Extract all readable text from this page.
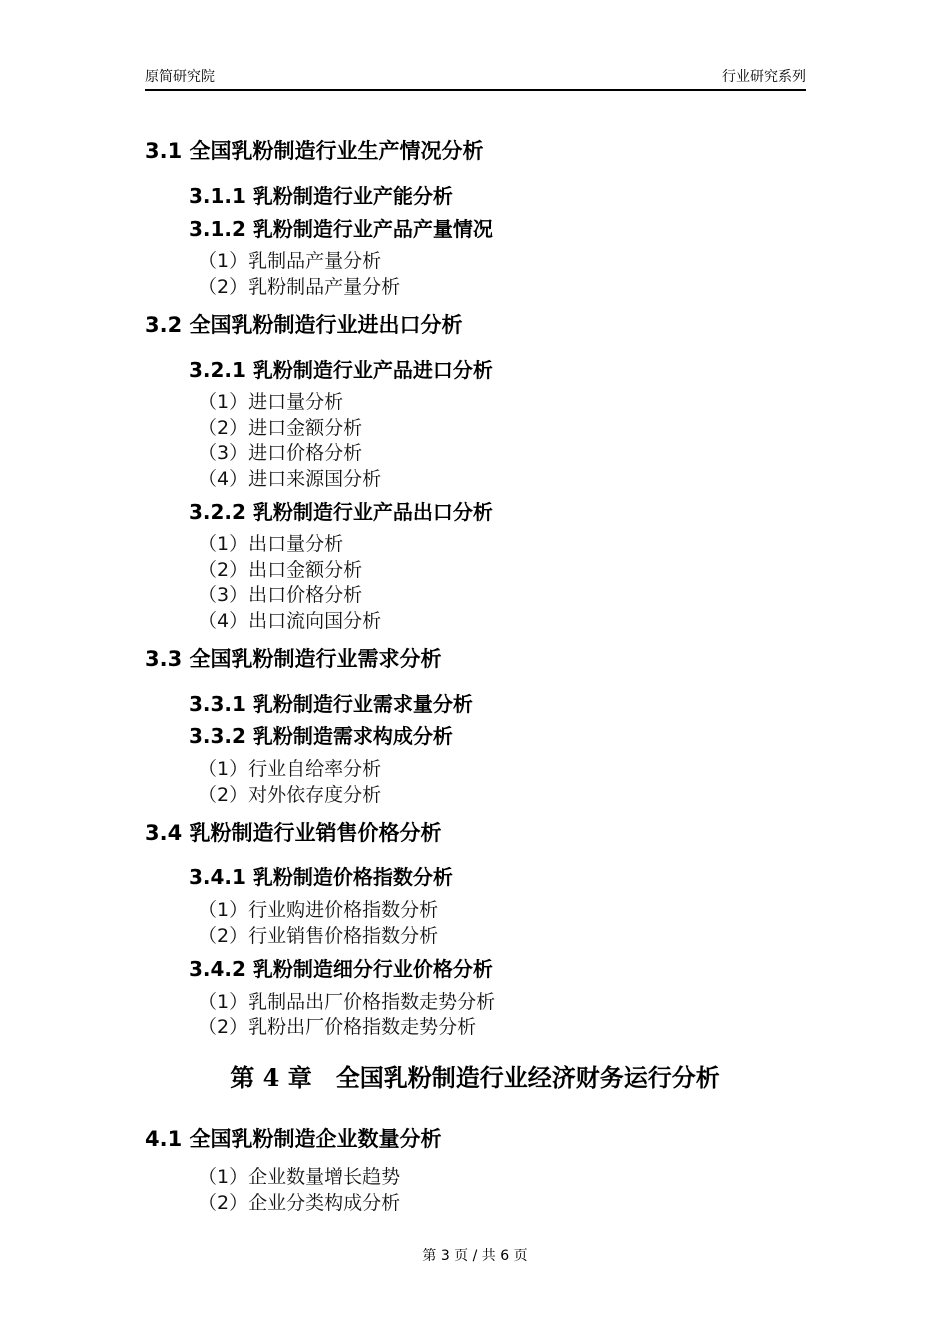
原简研究院	行业研究系列
3.1 全国乳粉制造行业生产情况分析
3.1.1 乳粉制造行业产能分析
3.1.2 乳粉制造行业产品产量情况
（1）乳制品产量分析
（2）乳粉制品产量分析
3.2 全国乳粉制造行业进出口分析
3.2.1 乳粉制造行业产品进口分析
（1）进口量分析
（2）进口金额分析
（3）进口价格分析
（4）进口来源国分析
3.2.2 乳粉制造行业产品出口分析
（1）出口量分析
（2）出口金额分析
（3）出口价格分析
（4）出口流向国分析
3.3 全国乳粉制造行业需求分析
3.3.1 乳粉制造行业需求量分析
3.3.2 乳粉制造需求构成分析
（1）行业自给率分析
（2）对外依存度分析
3.4 乳粉制造行业销售价格分析
3.4.1 乳粉制造价格指数分析
（1）行业购进价格指数分析
（2）行业销售价格指数分析
3.4.2 乳粉制造细分行业价格分析
（1）乳制品出厂价格指数走势分析
（2）乳粉出厂价格指数走势分析
第 4 章　全国乳粉制造行业经济财务运行分析
4.1 全国乳粉制造企业数量分析
（1）企业数量增长趋势
（2）企业分类构成分析
第 3 页 / 共 6 页
